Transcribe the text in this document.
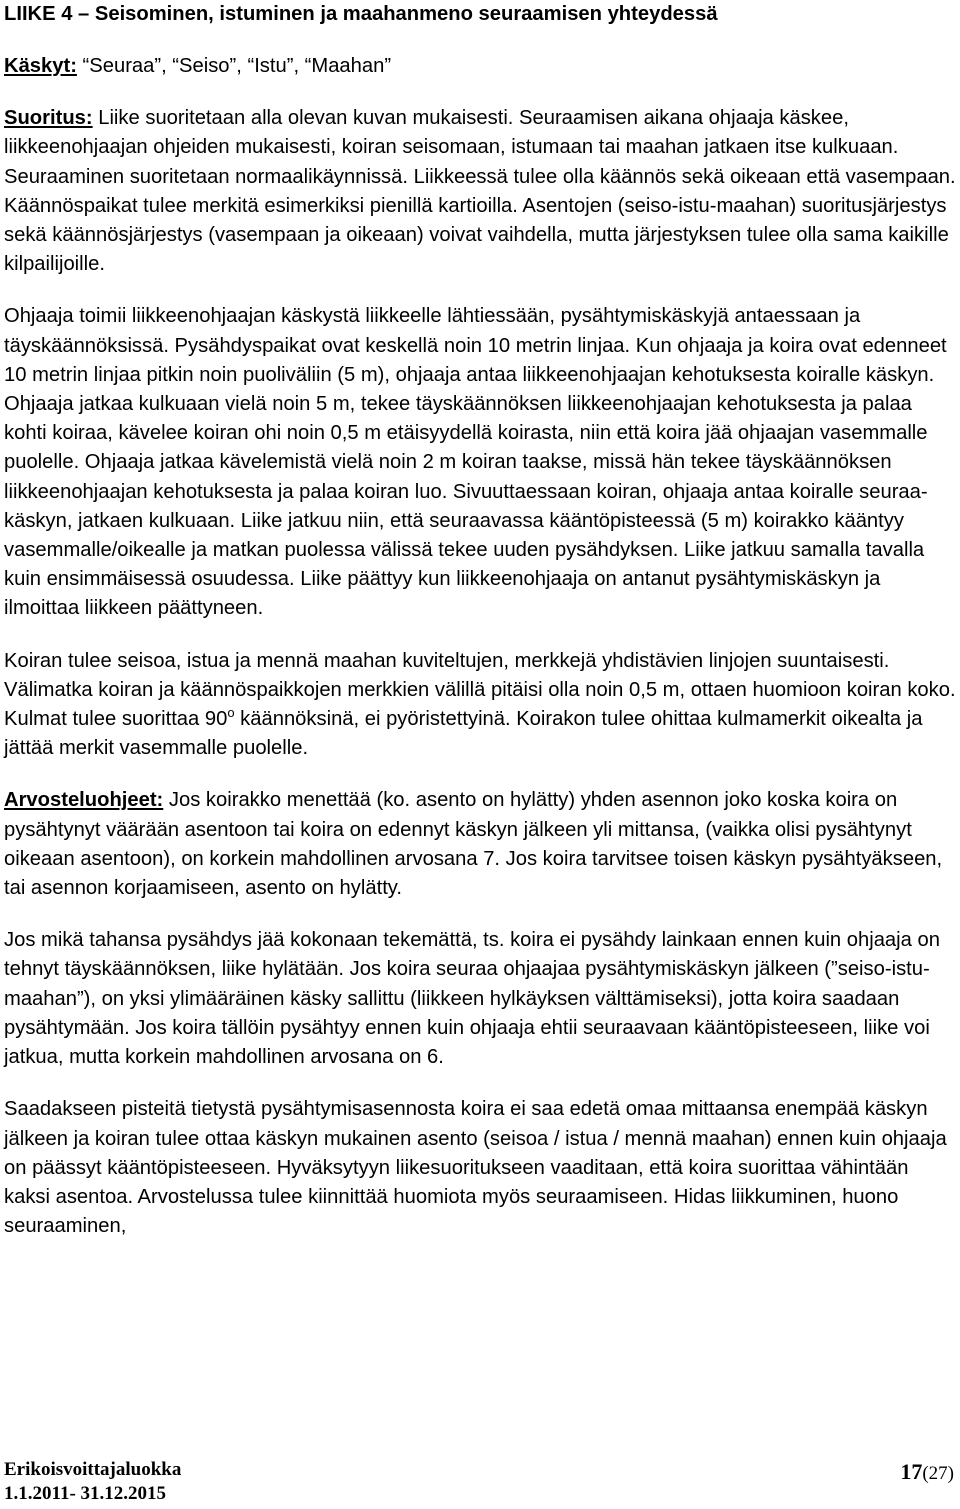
LIIKE 4 – Seisominen, istuminen ja maahanmeno seuraamisen yhteydessä

Käskyt: “Seuraa”, “Seiso”, “Istu”, “Maahan”

Suoritus: Liike suoritetaan alla olevan kuvan mukaisesti. Seuraamisen aikana ohjaaja käskee, liikkeenohjaajan ohjeiden mukaisesti, koiran seisomaan, istumaan tai maahan jatkaen itse kulkuaan. Seuraaminen suoritetaan normaalikäynnissä. Liikkeessä tulee olla käännös sekä oikeaan että vasempaan. Käännöspaikat tulee merkitä esimerkiksi pienillä kartioilla. Asentojen (seiso-istu-maahan) suoritusjärjestys sekä käännösjärjestys (vasempaan ja oikeaan) voivat vaihdella, mutta järjestyksen tulee olla sama kaikille kilpailijoille.

Ohjaaja toimii liikkeenohjaajan käskystä liikkeelle lähtiessään, pysähtymiskäskyjä antaessaan ja täyskäännöksissä. Pysähdyspaikat ovat keskellä noin 10 metrin linjaa. Kun ohjaaja ja koira ovat edenneet 10 metrin linjaa pitkin noin puoliväliin (5 m), ohjaaja antaa liikkeenohjaajan kehotuksesta koiralle käskyn. Ohjaaja jatkaa kulkuaan vielä noin 5 m, tekee täyskäännöksen liikkeenohjaajan kehotuksesta ja palaa kohti koiraa, kävelee koiran ohi noin 0,5 m etäisyydellä koirasta, niin että koira jää ohjaajan vasemmalle puolelle. Ohjaaja jatkaa kävelemistä vielä noin 2 m koiran taakse, missä hän tekee täyskäännöksen liikkeenohjaajan kehotuksesta ja palaa koiran luo. Sivuuttaessaan koiran, ohjaaja antaa koiralle seuraa-käskyn, jatkaen kulkuaan. Liike jatkuu niin, että seuraavassa kääntöpisteessä (5 m) koirakko kääntyy vasemmalle/oikealle ja matkan puolessa välissä tekee uuden pysähdyksen. Liike jatkuu samalla tavalla kuin ensimmäisessä osuudessa. Liike päättyy kun liikkeenohjaaja on antanut pysähtymiskäskyn ja ilmoittaa liikkeen päättyneen.

Koiran tulee seisoa, istua ja mennä maahan kuviteltujen, merkkejä yhdistävien linjojen suuntaisesti. Välimatka koiran ja käännöspaikkojen merkkien välillä pitäisi olla noin 0,5 m, ottaen huomioon koiran koko. Kulmat tulee suorittaa 90$^o$ käännöksinä, ei pyöristettyinä. Koirakon tulee ohittaa kulmamerkit oikealta ja jättää merkit vasemmalle puolelle.

Arvosteluohjeet: Jos koirakko menettää (ko. asento on hylätty) yhden asennon joko koska koira on pysähtynyt väärään asentoon tai koira on edennyt käskyn jälkeen yli mittansa, (vaikka olisi pysähtynyt oikeaan asentoon), on korkein mahdollinen arvosana 7. Jos koira tarvitsee toisen käskyn pysähtyäkseen, tai asennon korjaamiseen, asento on hylätty.

Jos mikä tahansa pysähdys jää kokonaan tekemättä, ts. koira ei pysähdy lainkaan ennen kuin ohjaaja on tehnyt täyskäännöksen, liike hylätään. Jos koira seuraa ohjaajaa pysähtymiskäskyn jälkeen (”seiso-istu-maahan”), on yksi ylimääräinen käsky sallittu (liikkeen hylkäyksen välttämiseksi), jotta koira saadaan pysähtymään. Jos koira tällöin pysähtyy ennen kuin ohjaaja ehtii seuraavaan kääntöpisteeseen, liike voi jatkua, mutta korkein mahdollinen arvosana on 6.

Saadakseen pisteitä tietystä pysähtymisasennosta koira ei saa edetä omaa mittaansa enempää käskyn jälkeen ja koiran tulee ottaa käskyn mukainen asento (seisoa / istua / mennä maahan) ennen kuin ohjaaja on päässyt kääntöpisteeseen. Hyväksytyyn liikesuoritukseen vaaditaan, että koira suorittaa vähintään kaksi asentoa. Arvostelussa tulee kiinnittää huomiota myös seuraamiseen. Hidas liikkuminen, huono seuraaminen,

Erikoisvoittajaluokka
1.1.2011- 31.12.2015
17(27)
